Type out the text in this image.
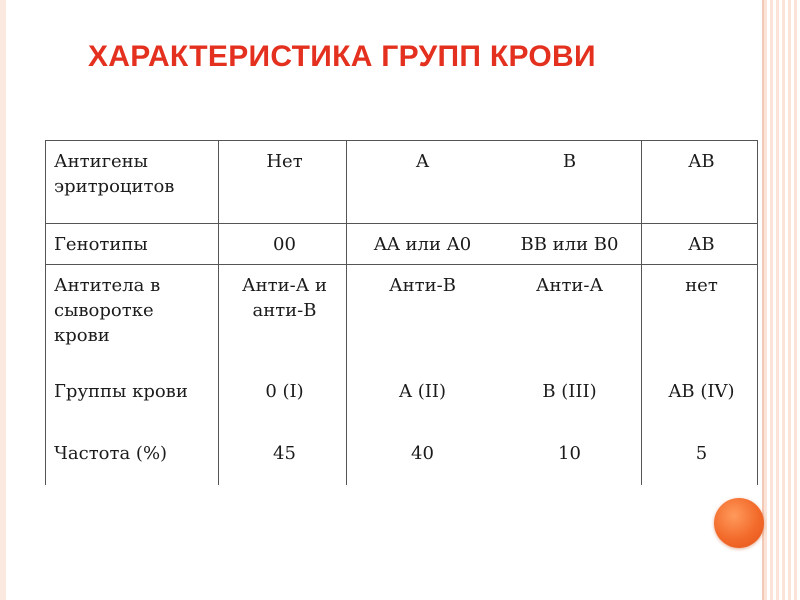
ХАРАКТЕРИСТИКА ГРУПП КРОВИ
Антигены эритроцитов	Нет	A	B	AB
Генотипы	00	AA или A0	BB или B0	AB
Антитела в сыворотке крови	Анти-А и анти-В	Анти-В	Анти-А	нет
Группы крови	0 (I)	A (II)	B (III)	AB (IV)
Частота (%)	45	40	10	5
